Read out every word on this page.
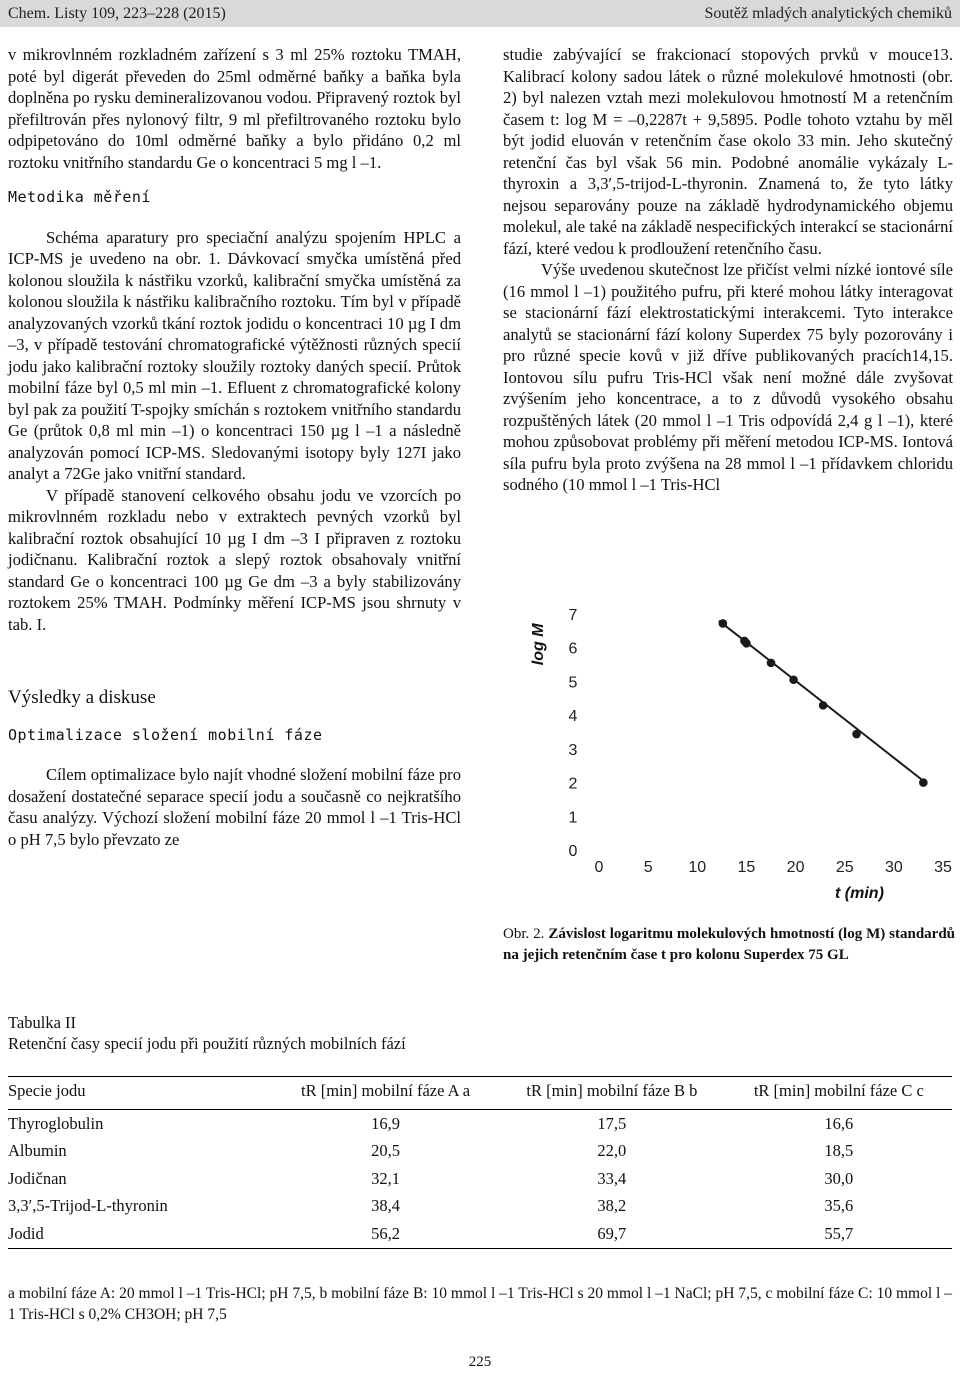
Chem. Listy 109, 223–228 (2015)	Soutěž mladých analytických chemiků

v mikrovlnném rozkladném zařízení s 3 ml 25% roztoku TMAH, poté byl digerát převeden do 25ml odměrné baňky a baňka byla doplněna po rysku demineralizovanou vodou. Připravený roztok byl přefiltrován přes nylonový filtr, 9 ml přefiltrovaného roztoku bylo odpipetováno do 10ml odměrné baňky a bylo přidáno 0,2 ml roztoku vnitřního standardu Ge o koncentraci 5 mg l –1.

Metodika měření

Schéma aparatury pro speciační analýzu spojením HPLC a ICP-MS je uvedeno na obr. 1. Dávkovací smyčka umístěná před kolonou sloužila k nástřiku vzorků, kalibrační smyčka umístěná za kolonou sloužila k nástřiku kalibračního roztoku. Tím byl v případě analyzovaných vzorků tkání roztok jodidu o koncentraci 10 µg I dm –3, v případě testování chromatografické výtěžnosti různých specií jodu jako kalibrační roztoky sloužily roztoky daných specií. Průtok mobilní fáze byl 0,5 ml min –1. Efluent z chromatografické kolony byl pak za použití T-spojky smíchán s roztokem vnitřního standardu Ge (průtok 0,8 ml min –1) o koncentraci 150 µg l –1 a následně analyzován pomocí ICP-MS. Sledovanými isotopy byly 127I jako analyt a 72Ge jako vnitřní standard.

V případě stanovení celkového obsahu jodu ve vzorcích po mikrovlnném rozkladu nebo v extraktech pevných vzorků byl kalibrační roztok obsahující 10 µg I dm –3 I připraven z roztoku jodičnanu. Kalibrační roztok a slepý roztok obsahovaly vnitřní standard Ge o koncentraci 100 µg Ge dm –3 a byly stabilizovány roztokem 25% TMAH. Podmínky měření ICP-MS jsou shrnuty v tab. I.

Výsledky a diskuse
Optimalizace složení mobilní fáze

Cílem optimalizace bylo najít vhodné složení mobilní fáze pro dosažení dostatečné separace specií jodu a současně co nejkratšího času analýzy. Výchozí složení mobilní fáze 20 mmol l –1 Tris-HCl o pH 7,5 bylo převzato ze

studie zabývající se frakcionací stopových prvků v mouce13. Kalibrací kolony sadou látek o různé molekulové hmotnosti (obr. 2) byl nalezen vztah mezi molekulovou hmotností M a retenčním časem t: log M = –0,2287t + 9,5895. Podle tohoto vztahu by měl být jodid eluován v retenčním čase okolo 33 min. Jeho skutečný retenční čas byl však 56 min. Podobné anomálie vykázaly L-thyroxin a 3,3′,5-trijod-L-thyronin. Znamená to, že tyto látky nejsou separovány pouze na základě hydrodynamického objemu molekul, ale také na základě nespecifických interakcí se stacionární fází, které vedou k prodloužení retenčního času.

Výše uvedenou skutečnost lze přičíst velmi nízké iontové síle (16 mmol l –1) použitého pufru, při které mohou látky interagovat se stacionární fází elektrostatickými interakcemi. Tyto interakce analytů se stacionární fází kolony Superdex 75 byly pozorovány i pro různé specie kovů v již dříve publikovaných pracích14,15. Iontovou sílu pufru Tris-HCl však není možné dále zvyšovat zvýšením jeho koncentrace, a to z důvodů vysokého obsahu rozpuštěných látek (20 mmol l –1 Tris odpovídá 2,4 g l –1), které mohou způsobovat problémy při měření metodou ICP-MS. Iontová síla pufru byla proto zvýšena na 28 mmol l –1 přídavkem chloridu sodného (10 mmol l –1 Tris-HCl

0
1
2
3
4
5
6
7
0	5 10 15 20 25 30 35
log M
t (min)
Obr. 2. Závislost logaritmu molekulových hmotností (log M) standardů na jejich retenčním čase t pro kolonu Superdex 75 GL
Tabulka II
Retenční časy specií jodu při použití různých mobilních fází
Specie jodu	tR [min] mobilní fáze A a	tR [min] mobilní fáze B b	tR [min] mobilní fáze C c
Thyroglobulin	16,9	17,5	16,6
Albumin	20,5	22,0	18,5
Jodičnan	32,1	33,4	30,0
3,3′,5-Trijod-L-thyronin	38,4	38,2	35,6
Jodid	56,2	69,7	55,7
a mobilní fáze A: 20 mmol l –1 Tris-HCl; pH 7,5, b mobilní fáze B: 10 mmol l –1 Tris-HCl s 20 mmol l –1 NaCl; pH 7,5, c mobilní fáze C: 10 mmol l –1 Tris-HCl s 0,2% CH3OH; pH 7,5
225
